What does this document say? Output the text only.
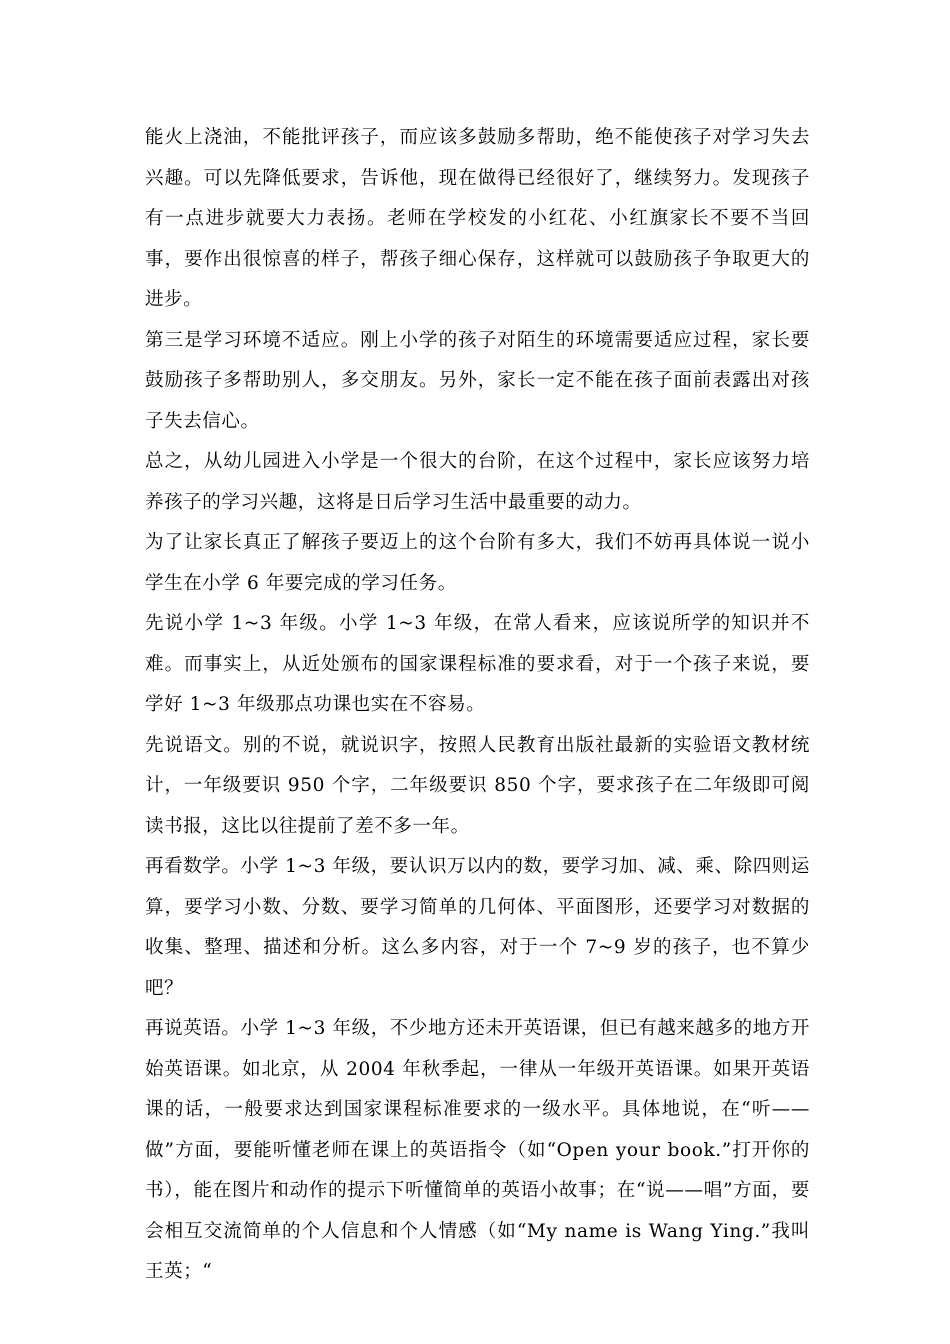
能火上浇油，不能批评孩子，而应该多鼓励多帮助，绝不能使孩子对学习失去兴趣。可以先降低要求，告诉他，现在做得已经很好了，继续努力。发现孩子有一点进步就要大力表扬。老师在学校发的小红花、小红旗家长不要不当回事，要作出很惊喜的样子，帮孩子细心保存，这样就可以鼓励孩子争取更大的进步。

第三是学习环境不适应。刚上小学的孩子对陌生的环境需要适应过程，家长要鼓励孩子多帮助别人，多交朋友。另外，家长一定不能在孩子面前表露出对孩子失去信心。

总之，从幼儿园进入小学是一个很大的台阶，在这个过程中，家长应该努力培养孩子的学习兴趣，这将是日后学习生活中最重要的动力。

为了让家长真正了解孩子要迈上的这个台阶有多大，我们不妨再具体说一说小学生在小学 6 年要完成的学习任务。

先说小学 1~3 年级。小学 1~3 年级，在常人看来，应该说所学的知识并不难。而事实上，从近处颁布的国家课程标准的要求看，对于一个孩子来说，要学好 1~3 年级那点功课也实在不容易。

先说语文。别的不说，就说识字，按照人民教育出版社最新的实验语文教材统计，一年级要识 950 个字，二年级要识 850 个字，要求孩子在二年级即可阅读书报，这比以往提前了差不多一年。

再看数学。小学 1~3 年级，要认识万以内的数，要学习加、减、乘、除四则运算，要学习小数、分数、要学习简单的几何体、平面图形，还要学习对数据的收集、整理、描述和分析。这么多内容，对于一个 7~9 岁的孩子，也不算少吧？

再说英语。小学 1~3 年级，不少地方还未开英语课，但已有越来越多的地方开始英语课。如北京，从 2004 年秋季起，一律从一年级开英语课。如果开英语课的话，一般要求达到国家课程标准要求的一级水平。具体地说，在“听——做”方面，要能听懂老师在课上的英语指令（如“Open your book.”打开你的书），能在图片和动作的提示下听懂简单的英语小故事；在“说——唱”方面，要会相互交流简单的个人信息和个人情感（如“My name is Wang Ying.”我叫王英；“
